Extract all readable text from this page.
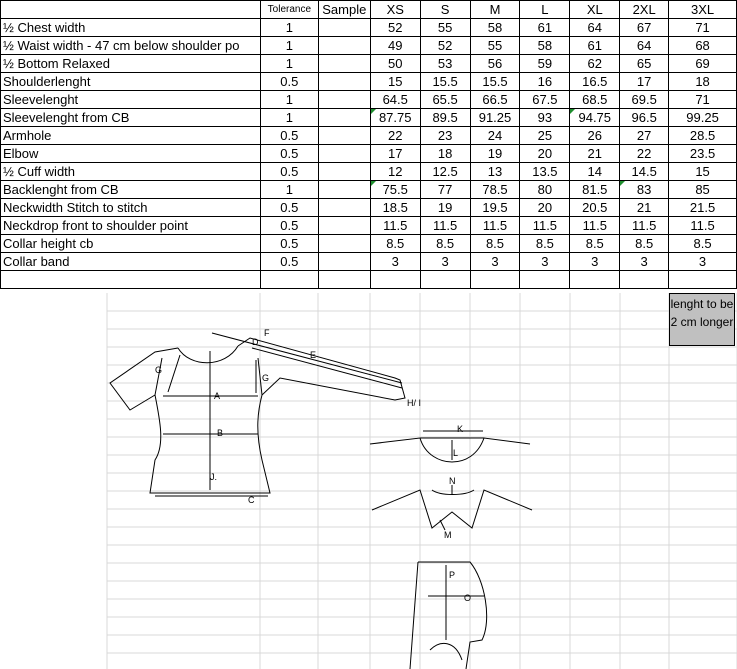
	Tolerance	Sample	XS	S	M	L	XL	2XL	3XL
½ Chest width	1		52	55	58	61	64	67	71
½ Waist width - 47 cm below shoulder po	1		49	52	55	58	61	64	68
½ Bottom Relaxed	1		50	53	56	59	62	65	69
Shoulderlenght	0.5		15	15.5	15.5	16	16.5	17	18
Sleevelenght	1		64.5	65.5	66.5	67.5	68.5	69.5	71
Sleevelenght from CB	1		87.75	89.5	91.25	93	94.75	96.5	99.25
Armhole	0.5		22	23	24	25	26	27	28.5
Elbow	0.5		17	18	19	20	21	22	23.5
½ Cuff width	0.5		12	12.5	13	13.5	14	14.5	15
Backlenght from CB	1		75.5	77	78.5	80	81.5	83	85
Neckwidth Stitch to stitch	0.5		18.5	19	19.5	20	20.5	21	21.5
Neckdrop front to shoulder point	0.5		11.5	11.5	11.5	11.5	11.5	11.5	11.5
Collar height cb	0.5		8.5	8.5	8.5	8.5	8.5	8.5	8.5
Collar band	0.5		3	3	3	3	3	3	3

A
B
C
D
E
F
G
G
H/ I
J.
K
L
M
N
O
P
lenght to be 2 cm longer
